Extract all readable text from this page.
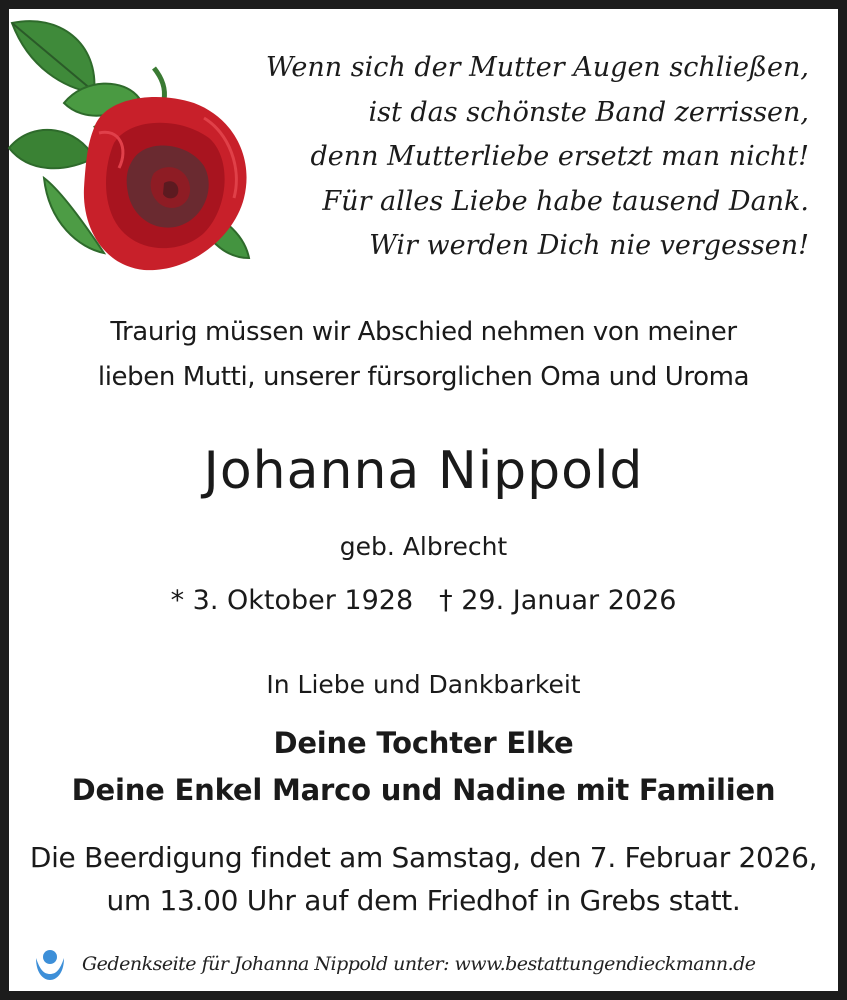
Wenn sich der Mutter Augen schließen,
ist das schönste Band zerrissen,
denn Mutterliebe ersetzt man nicht!
Für alles Liebe habe tausend Dank.
Wir werden Dich nie vergessen!
Traurig müssen wir Abschied nehmen von meiner
lieben Mutti, unserer fürsorglichen Oma und Uroma
Johanna Nippold
geb. Albrecht
* 3. Oktober 1928 † 29. Januar 2026
In Liebe und Dankbarkeit
Deine Tochter Elke
Deine Enkel Marco und Nadine mit Familien
Die Beerdigung findet am Samstag, den 7. Februar 2026,
um 13.00 Uhr auf dem Friedhof in Grebs statt.
Gedenkseite für Johanna Nippold unter: www.bestattungendieckmann.de
